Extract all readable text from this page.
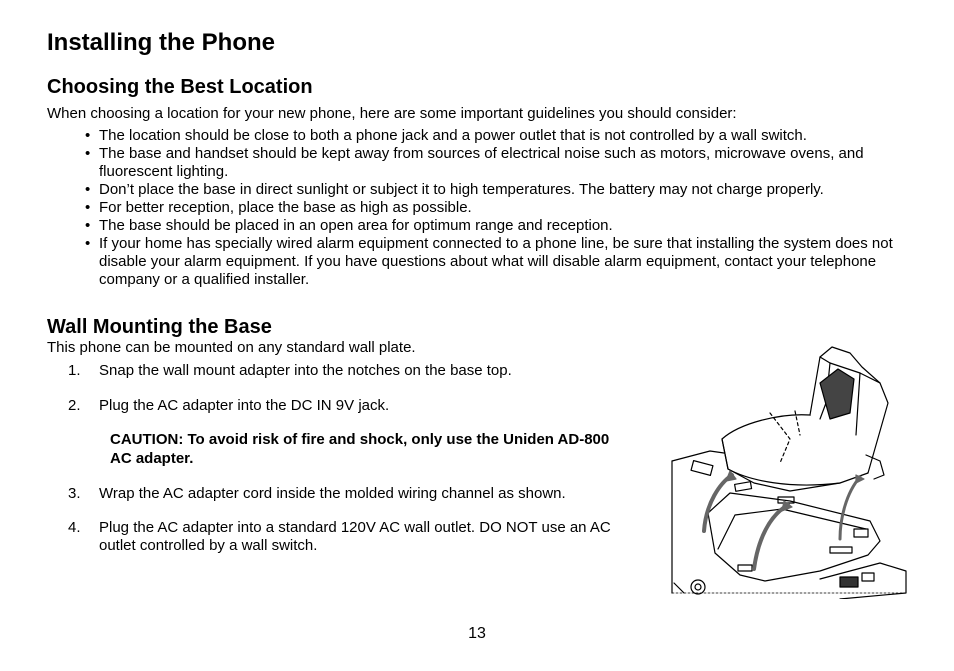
Installing the Phone
Choosing the Best Location

When choosing a location for your new phone, here are some important guidelines you should consider:

• The location should be close to both a phone jack and a power outlet that is not controlled by a wall switch.
• The base and handset should be kept away from sources of electrical noise such as motors, microwave ovens, and fluorescent lighting.
• Don’t place the base in direct sunlight or subject it to high temperatures. The battery may not charge properly.
• For better reception, place the base as high as possible.
• The base should be placed in an open area for optimum range and reception.
• If your home has specially wired alarm equipment connected to a phone line, be sure that installing the system does not disable your alarm equipment. If you have questions about what will disable alarm equipment, contact your telephone company or a qualified installer.
Wall Mounting the Base

This phone can be mounted on any standard wall plate.

1. Snap the wall mount adapter into the notches on the base top.
2. Plug the AC adapter into the DC IN 9V jack.
3. Wrap the AC adapter cord inside the molded wiring channel as shown.
4. Plug the AC adapter into a standard 120V AC wall outlet. DO NOT use an AC outlet controlled by a wall switch.

CAUTION: To avoid risk of fire and shock, only use the Uniden AD-800 AC adapter.

13
